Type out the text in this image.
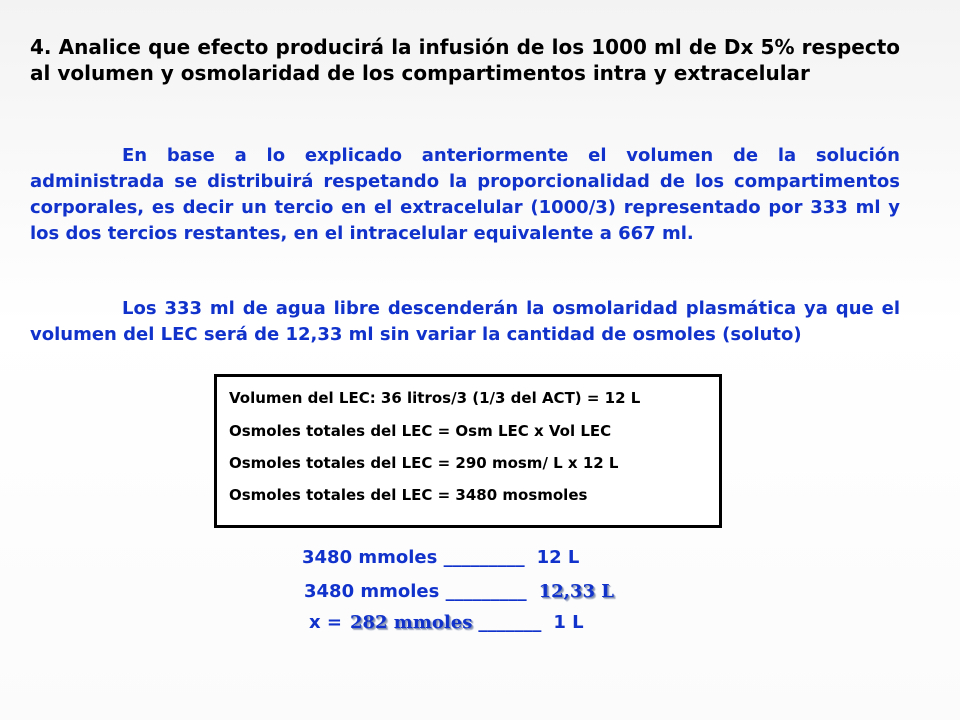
4. Analice que efecto producirá la infusión de los 1000 ml de Dx 5% respecto al volumen y osmolaridad de los compartimentos intra y extracelular
En base a lo explicado anteriormente el volumen de la solución administrada se distribuirá respetando la proporcionalidad de los compartimentos corporales, es decir un tercio en el extracelular (1000/3) representado por 333 ml y los dos tercios restantes, en el intracelular equivalente a 667 ml.
Los 333 ml de agua libre descenderán la osmolaridad plasmática ya que el volumen del LEC será de 12,33 ml sin variar la cantidad de osmoles (soluto)
Volumen del LEC: 36 litros/3 (1/3 del ACT) = 12 L
Osmoles totales del LEC = Osm LEC x Vol LEC
Osmoles totales del LEC = 290 mosm/ L x 12 L
Osmoles totales del LEC = 3480 mosmoles
3480 mmoles _________ 12 L
3480 mmoles _________ 12,33 L
x = 282 mmoles _______ 1 L
